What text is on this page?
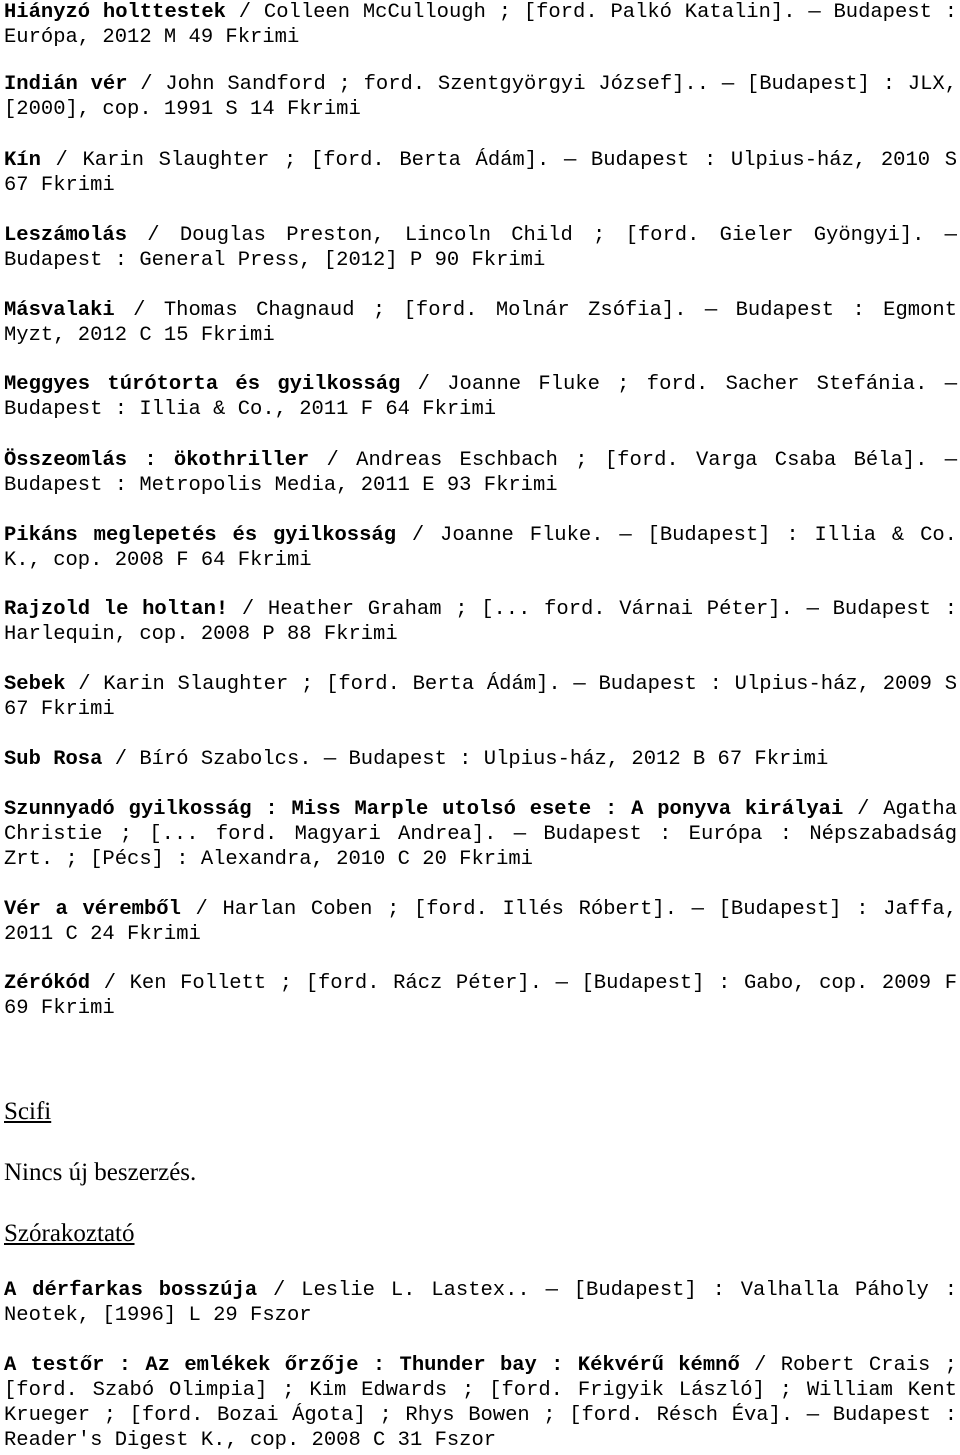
Hiányzó holttestek / Colleen McCullough ; [ford. Palkó Katalin]. — Budapest : Európa, 2012 M 49 Fkrimi

Indián vér / John Sandford ; ford. Szentgyörgyi József].. — [Budapest] : JLX, [2000], cop. 1991 S 14 Fkrimi

Kín / Karin Slaughter ; [ford. Berta Ádám]. — Budapest : Ulpius-ház, 2010 S 67 Fkrimi

Leszámolás / Douglas Preston, Lincoln Child ; [ford. Gieler Gyöngyi]. — Budapest : General Press, [2012] P 90 Fkrimi

Másvalaki / Thomas Chagnaud ; [ford. Molnár Zsófia]. — Budapest : Egmont Myzt, 2012 C 15 Fkrimi

Meggyes túrótorta és gyilkosság / Joanne Fluke ; ford. Sacher Stefánia. — Budapest : Illia & Co., 2011 F 64 Fkrimi

Összeomlás : ökothriller / Andreas Eschbach ; [ford. Varga Csaba Béla]. — Budapest : Metropolis Media, 2011 E 93 Fkrimi

Pikáns meglepetés és gyilkosság / Joanne Fluke. — [Budapest] : Illia & Co. K., cop. 2008 F 64 Fkrimi

Rajzold le holtan! / Heather Graham ; [... ford. Várnai Péter]. — Budapest : Harlequin, cop. 2008 P 88 Fkrimi

Sebek / Karin Slaughter ; [ford. Berta Ádám]. — Budapest : Ulpius-ház, 2009 S 67 Fkrimi

Sub Rosa / Bíró Szabolcs. — Budapest : Ulpius-ház, 2012 B 67 Fkrimi

Szunnyadó gyilkosság : Miss Marple utolsó esete : A ponyva királyai / Agatha Christie ; [... ford. Magyari Andrea]. — Budapest : Európa : Népszabadság Zrt. ; [Pécs] : Alexandra, 2010 C 20 Fkrimi

Vér a véremből / Harlan Coben ; [ford. Illés Róbert]. — [Budapest] : Jaffa, 2011 C 24 Fkrimi

Zérókód / Ken Follett ; [ford. Rácz Péter]. — [Budapest] : Gabo, cop. 2009 F 69 Fkrimi

Scifi
Nincs új beszerzés.
Szórakoztató

A dérfarkas bosszúja / Leslie L. Lastex.. — [Budapest] : Valhalla Páholy : Neotek, [1996] L 29 Fszor

A testőr : Az emlékek őrzője : Thunder bay : Kékvérű kémnő / Robert Crais ; [ford. Szabó Olimpia] ; Kim Edwards ; [ford. Frigyik László] ; William Kent Krueger ; [ford. Bozai Ágota] ; Rhys Bowen ; [ford. Résch Éva]. — Budapest : Reader's Digest K., cop. 2008 C 31 Fszor
